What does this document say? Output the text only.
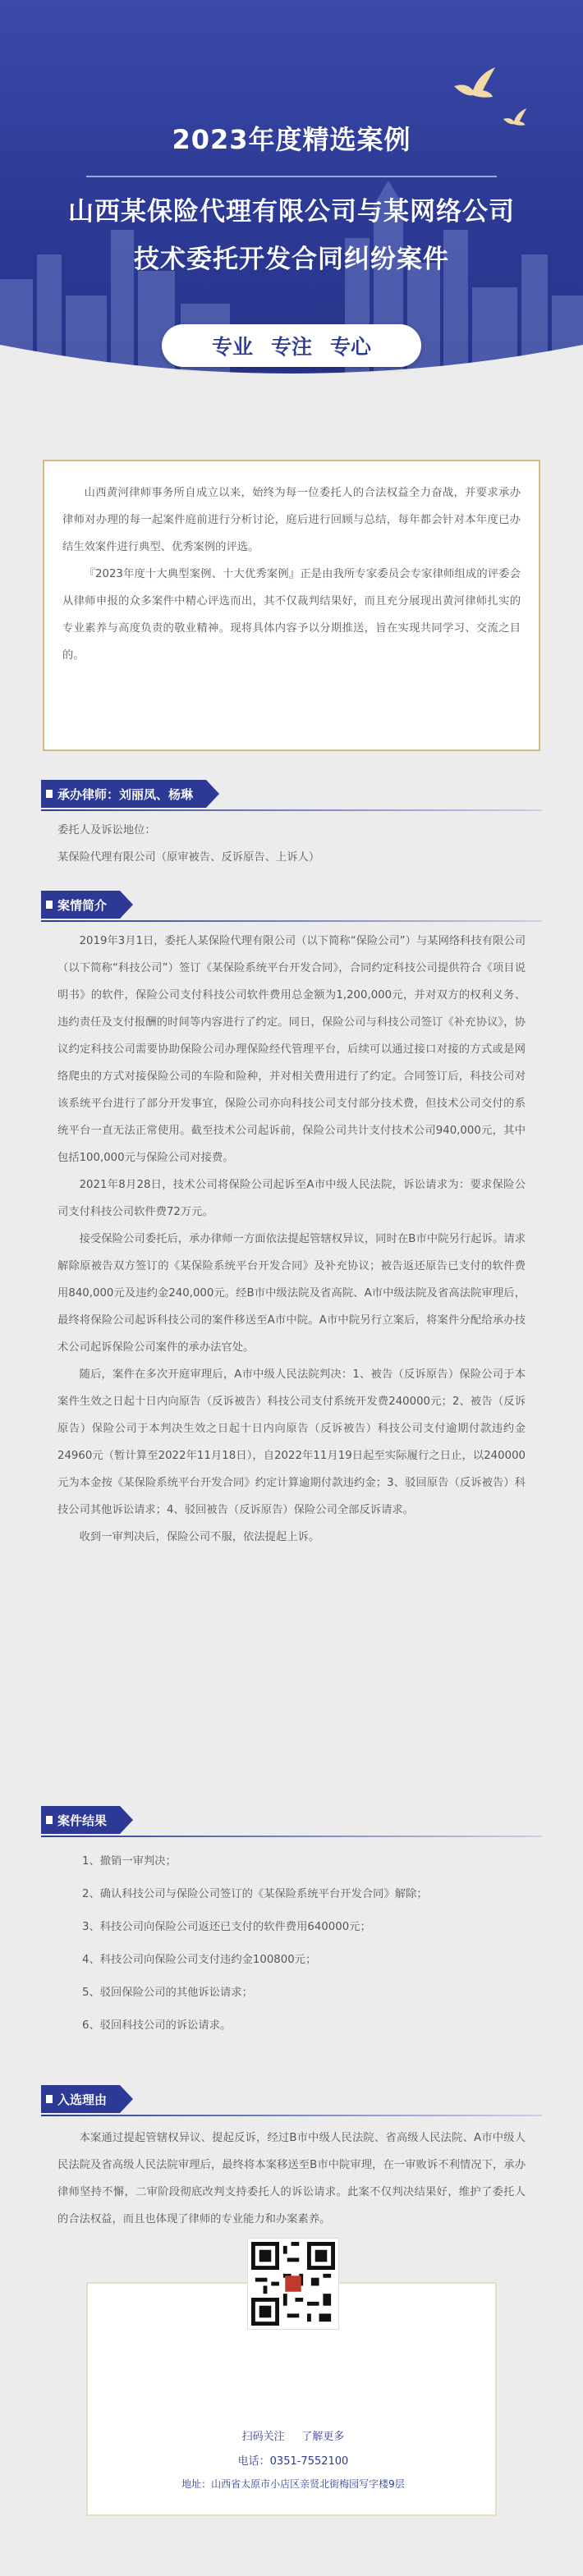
2023年度精选案例
山西某保险代理有限公司与某网络公司
技术委托开发合同纠纷案件
专业 专注 专心

山西黄河律师事务所自成立以来，始终为每一位委托人的合法权益全力奋战，并要求承办律师对办理的每一起案件庭前进行分析讨论，庭后进行回顾与总结，每年都会针对本年度已办结生效案件进行典型、优秀案例的评选。

『2023年度十大典型案例、十大优秀案例』正是由我所专家委员会专家律师组成的评委会从律师申报的众多案件中精心评选而出，其不仅裁判结果好，而且充分展现出黄河律师扎实的专业素养与高度负责的敬业精神。现将具体内容予以分期推送，旨在实现共同学习、交流之目的。

承办律师：刘丽凤、杨琳
委托人及诉讼地位：
某保险代理有限公司（原审被告、反诉原告、上诉人）
案情简介

2019年3月1日，委托人某保险代理有限公司（以下简称“保险公司”）与某网络科技有限公司（以下简称“科技公司”）签订《某保险系统平台开发合同》，合同约定科技公司提供符合《项目说明书》的软件，保险公司支付科技公司软件费用总金额为1,200,000元，并对双方的权利义务、违约责任及支付报酬的时间等内容进行了约定。同日，保险公司与科技公司签订《补充协议》，协议约定科技公司需要协助保险公司办理保险经代管理平台，后续可以通过接口对接的方式或是网络爬虫的方式对接保险公司的车险和险种，并对相关费用进行了约定。合同签订后，科技公司对该系统平台进行了部分开发事宜，保险公司亦向科技公司支付部分技术费，但技术公司交付的系统平台一直无法正常使用。截至技术公司起诉前，保险公司共计支付技术公司940,000元，其中包括100,000元与保险公司对接费。

2021年8月28日，技术公司将保险公司起诉至A市中级人民法院，诉讼请求为：要求保险公司支付科技公司软件费72万元。

接受保险公司委托后，承办律师一方面依法提起管辖权异议，同时在B市中院另行起诉。请求解除原被告双方签订的《某保险系统平台开发合同》及补充协议；被告返还原告已支付的软件费用840,000元及违约金240,000元。经B市中级法院及省高院、A市中级法院及省高法院审理后，最终将保险公司起诉科技公司的案件移送至A市中院。A市中院另行立案后，将案件分配给承办技术公司起诉保险公司案件的承办法官处。

随后，案件在多次开庭审理后，A市中级人民法院判决：1、被告（反诉原告）保险公司于本案件生效之日起十日内向原告（反诉被告）科技公司支付系统开发费240000元；2、被告（反诉原告）保险公司于本判决生效之日起十日内向原告（反诉被告）科技公司支付逾期付款违约金24960元（暂计算至2022年11月18日），自2022年11月19日起至实际履行之日止，以240000元为本金按《某保险系统平台开发合同》约定计算逾期付款违约金；3、驳回原告（反诉被告）科技公司其他诉讼请求；4、驳回被告（反诉原告）保险公司全部反诉请求。

收到一审判决后，保险公司不服，依法提起上诉。

案件结果
1、撤销一审判决；
2、确认科技公司与保险公司签订的《某保险系统平台开发合同》解除；
3、科技公司向保险公司返还已支付的软件费用640000元；
4、科技公司向保险公司支付违约金100800元；
5、驳回保险公司的其他诉讼请求；
6、驳回科技公司的诉讼请求。
入选理由

本案通过提起管辖权异议、提起反诉，经过B市中级人民法院、省高级人民法院、A市中级人民法院及省高级人民法院审理后，最终将本案移送至B市中院审理，在一审败诉不利情况下，承办律师坚持不懈，二审阶段彻底改判支持委托人的诉讼请求。此案不仅判决结果好，维护了委托人的合法权益，而且也体现了律师的专业能力和办案素养。

扫码关注 了解更多
电话：0351-7552100
地址：山西省太原市小店区亲贤北街梅园写字楼9层
